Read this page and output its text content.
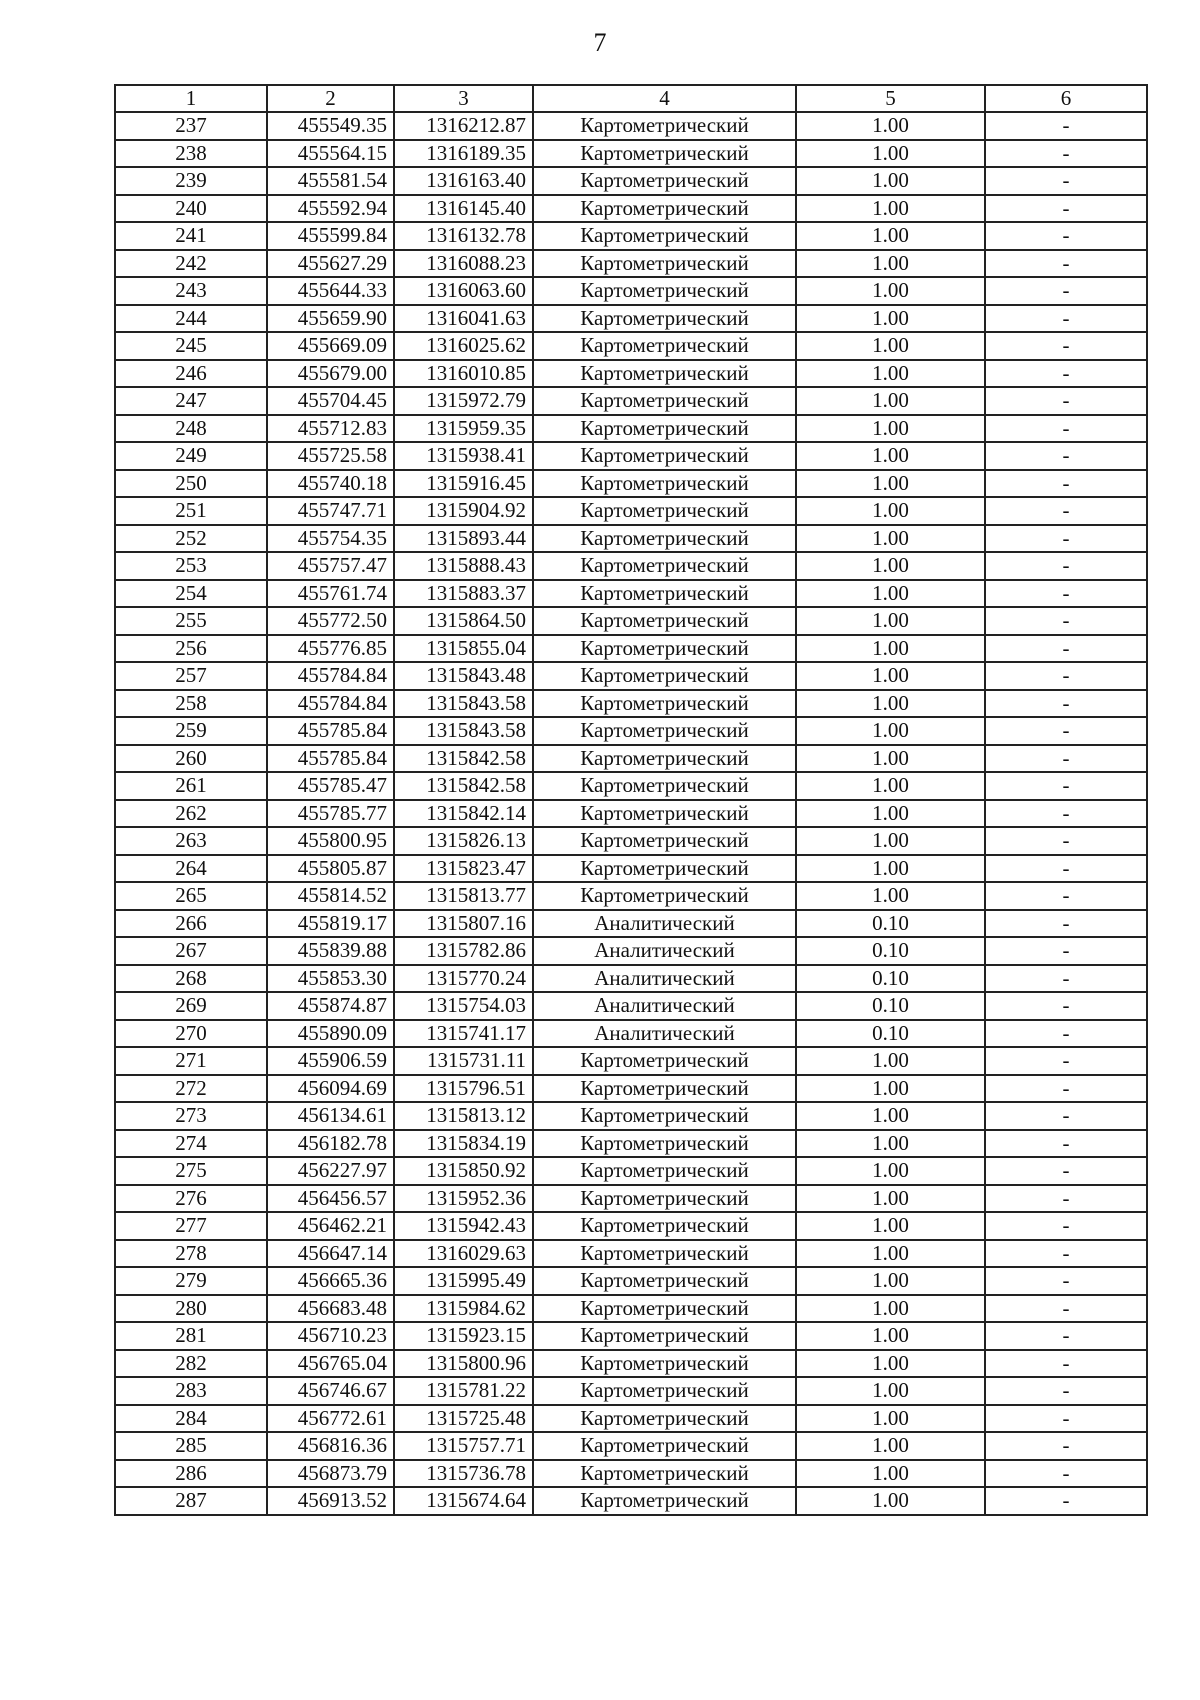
7
1	2	3	4	5	6
237	455549.35	1316212.87	Картометрический	1.00	-
238	455564.15	1316189.35	Картометрический	1.00	-
239	455581.54	1316163.40	Картометрический	1.00	-
240	455592.94	1316145.40	Картометрический	1.00	-
241	455599.84	1316132.78	Картометрический	1.00	-
242	455627.29	1316088.23	Картометрический	1.00	-
243	455644.33	1316063.60	Картометрический	1.00	-
244	455659.90	1316041.63	Картометрический	1.00	-
245	455669.09	1316025.62	Картометрический	1.00	-
246	455679.00	1316010.85	Картометрический	1.00	-
247	455704.45	1315972.79	Картометрический	1.00	-
248	455712.83	1315959.35	Картометрический	1.00	-
249	455725.58	1315938.41	Картометрический	1.00	-
250	455740.18	1315916.45	Картометрический	1.00	-
251	455747.71	1315904.92	Картометрический	1.00	-
252	455754.35	1315893.44	Картометрический	1.00	-
253	455757.47	1315888.43	Картометрический	1.00	-
254	455761.74	1315883.37	Картометрический	1.00	-
255	455772.50	1315864.50	Картометрический	1.00	-
256	455776.85	1315855.04	Картометрический	1.00	-
257	455784.84	1315843.48	Картометрический	1.00	-
258	455784.84	1315843.58	Картометрический	1.00	-
259	455785.84	1315843.58	Картометрический	1.00	-
260	455785.84	1315842.58	Картометрический	1.00	-
261	455785.47	1315842.58	Картометрический	1.00	-
262	455785.77	1315842.14	Картометрический	1.00	-
263	455800.95	1315826.13	Картометрический	1.00	-
264	455805.87	1315823.47	Картометрический	1.00	-
265	455814.52	1315813.77	Картометрический	1.00	-
266	455819.17	1315807.16	Аналитический	0.10	-
267	455839.88	1315782.86	Аналитический	0.10	-
268	455853.30	1315770.24	Аналитический	0.10	-
269	455874.87	1315754.03	Аналитический	0.10	-
270	455890.09	1315741.17	Аналитический	0.10	-
271	455906.59	1315731.11	Картометрический	1.00	-
272	456094.69	1315796.51	Картометрический	1.00	-
273	456134.61	1315813.12	Картометрический	1.00	-
274	456182.78	1315834.19	Картометрический	1.00	-
275	456227.97	1315850.92	Картометрический	1.00	-
276	456456.57	1315952.36	Картометрический	1.00	-
277	456462.21	1315942.43	Картометрический	1.00	-
278	456647.14	1316029.63	Картометрический	1.00	-
279	456665.36	1315995.49	Картометрический	1.00	-
280	456683.48	1315984.62	Картометрический	1.00	-
281	456710.23	1315923.15	Картометрический	1.00	-
282	456765.04	1315800.96	Картометрический	1.00	-
283	456746.67	1315781.22	Картометрический	1.00	-
284	456772.61	1315725.48	Картометрический	1.00	-
285	456816.36	1315757.71	Картометрический	1.00	-
286	456873.79	1315736.78	Картометрический	1.00	-
287	456913.52	1315674.64	Картометрический	1.00	-
